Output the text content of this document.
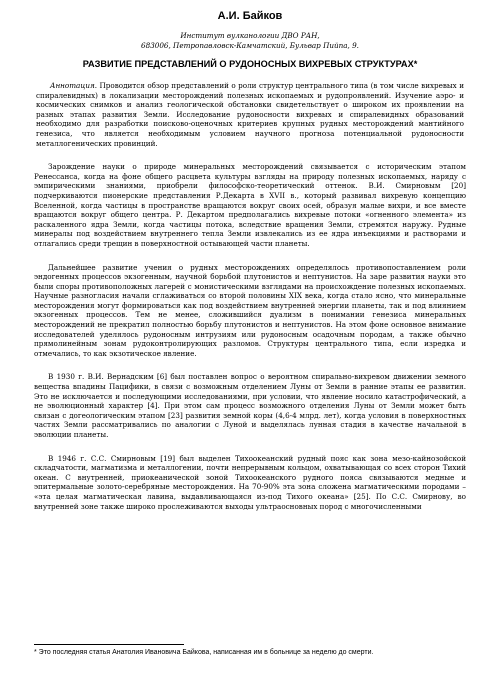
А.И. Байков
Институт вулканологии ДВО РАН,
683006, Петропавловск-Камчатский, Бульвар Пийпа, 9.
РАЗВИТИЕ ПРЕДСТАВЛЕНИЙ О РУДОНОСНЫХ ВИХРЕВЫХ СТРУКТУРАХ*
Аннотация. Проводится обзор представлений о роли структур центрального типа (в том числе вихревых и спиралевидных) в локализации месторождений полезных ископаемых и рудопроявлений. Изучение аэро- и космических снимков и анализ геологической обстановки свидетельствует о широком их проявлении на разных этапах развития Земли. Исследование рудоносности вихревых и спиралевидных образований необходимо для разработки поисково-оценочных критериев крупных рудных месторождений мантийного генезиса, что является необходимым условием научного прогноза потенциальной рудоносности металлогенических провинций.
Зарождение науки о природе минеральных месторождений связывается с историческим этапом Ренессанса, когда на фоне общего расцвета культуры взгляды на природу полезных ископаемых, наряду с эмпирическими знаниями, приобрели философско-теоретический оттенок. В.И. Смирновым [20] подчеркиваются пионерские представления Р.Декарта в XVII в., который развивал вихревую концепцию Вселенной, когда частицы в пространстве вращаются вокруг своих осей, образуя малые вихри, и все вместе вращаются вокруг общего центра. Р. Декартом предполагались вихревые потоки «огненного элемента» из раскаленного ядра Земли, когда частицы потока, вследствие вращения Земли, стремятся наружу. Рудные минералы под воздействием внутреннего тепла Земли извлекались из ее ядра инъекциями и растворами и отлагались среди трещин в поверхностной остывающей части планеты.
Дальнейшее развитие учения о рудных месторождениях определялось противопоставлением роли эндогенных процессов экзогенным, научной борьбой плутонистов и нептунистов. На заре развития науки это были споры противоположных лагерей с монистическими взглядами на происхождение полезных ископаемых. Научные разногласия начали сглаживаться со второй половины XIX века, когда стало ясно, что минеральные месторождения могут формироваться как под воздействием внутренней энергии планеты, так и под влиянием экзогенных процессов. Тем не менее, сложившийся дуализм в понимании генезиса минеральных месторождений не прекратил полностью борьбу плутонистов и нептунистов. На этом фоне основное внимание исследователей уделялось рудоносным интрузиям или рудоносным осадочным породам, а также обычно прямолинейным зонам рудоконтролирующих разломов. Структуры центрального типа, если изредка и отмечались, то как экзотическое явление.
В 1930 г. В.И. Вернадским [6] был поставлен вопрос о вероятном спирально-вихревом движении земного вещества впадины Пацифики, в связи с возможным отделением Луны от Земли в ранние этапы ее развития. Это не исключается и последующими исследованиями, при условии, что явление носило катастрофический, а не эволюционный характер [4]. При этом сам процесс возможного отделения Луны от Земли может быть связан с догеологическим этапом [23] развития земной коры (4,6-4 млрд. лет), когда условия в поверхностных частях Земли рассматривались по аналогии с Луной и выделялась лунная стадия в качестве начальной в эволюции планеты.
В 1946 г. С.С. Смирновым [19] был выделен Тихоокеанский рудный пояс как зона мезо-кайнозойской складчатости, магматизма и металлогении, почти непрерывным кольцом, охватывающая со всех сторон Тихий океан. С внутренней, приокеанической зоной Тихоокеанского рудного пояса связываются медные и эпитермальные золото-серебряные месторождения. На 70-90% эта зона сложена магматическими породами – «эта целая магматическая лавина, выдавливающаяся из-под Тихого океана» [25]. По С.С. Смирнову, во внутренней зоне также широко прослеживаются выходы ультраосновных пород с многочисленными
* Это последняя статья Анатолия Ивановича Байкова, написанная им в больнице за неделю до смерти.
